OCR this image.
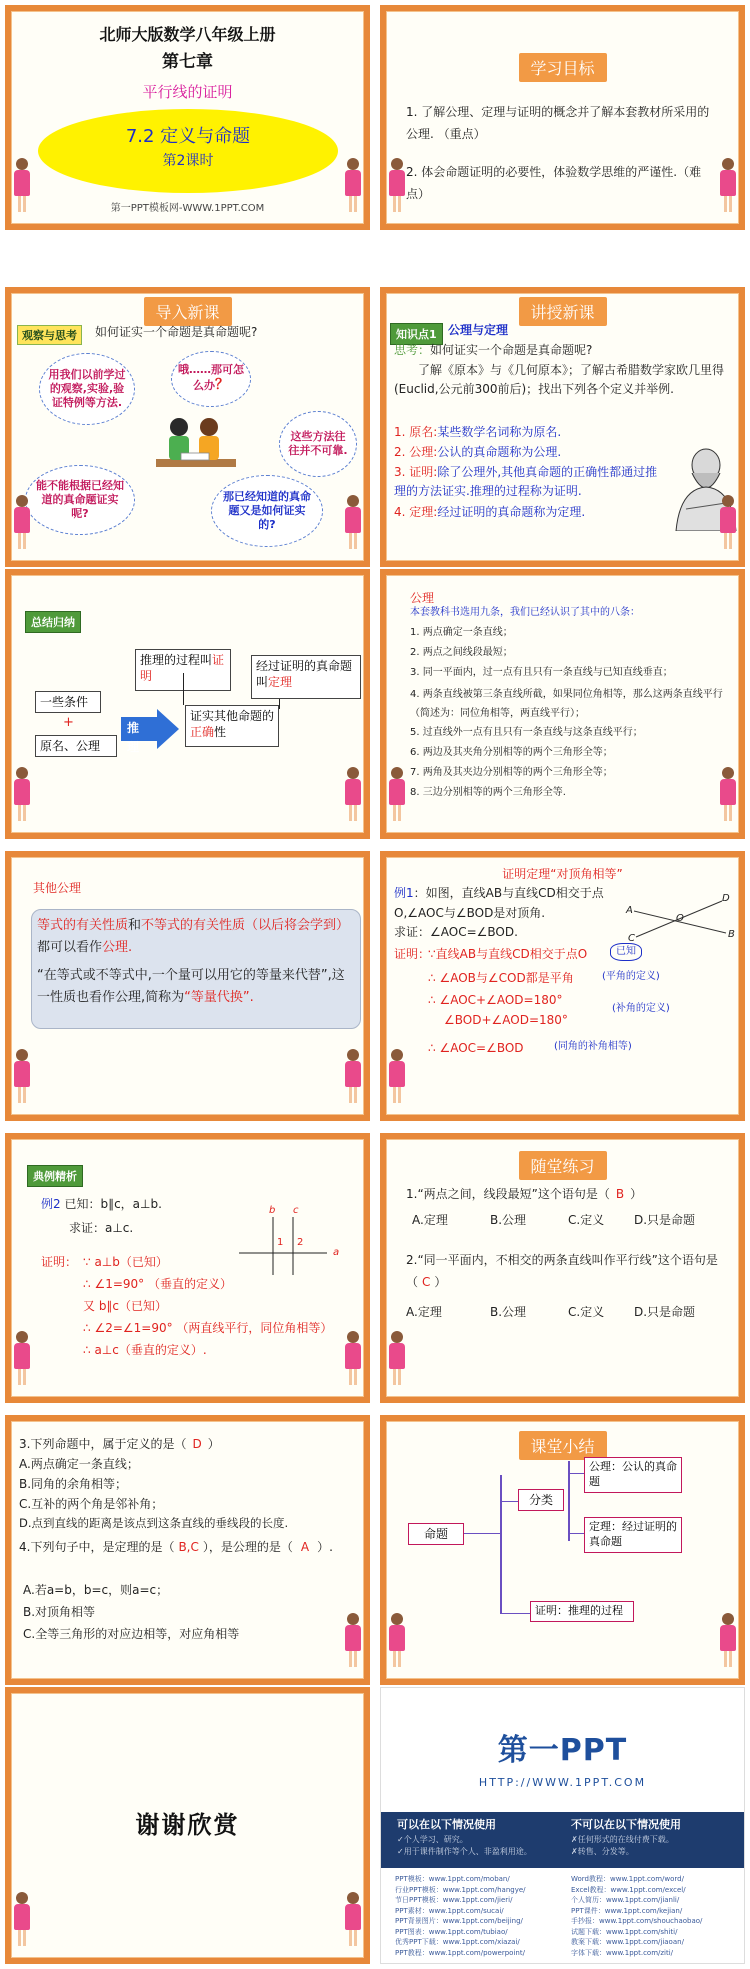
北师大版数学八年级上册
第七章
平行线的证明
7.2 定义与命题
第2课时
第一PPT模板网-WWW.1PPT.COM
学习目标
1. 了解公理、定理与证明的概念并了解本套教材所采用的公理. （重点）
2. 体会命题证明的必要性，体验数学思维的严谨性.（难点）
导入新课
观察与思考	如何证实一个命题是真命题呢?
用我们以前学过的观察,实验,验证特例等方法.
哦……那可怎么办？
这些方法往往并不可靠.
能不能根据已经知道的真命题证实呢?
那已经知道的真命题又是如何证实的?
讲授新课
知识点1 公理与定理
思考：如何证实一个命题是真命题呢?
了解《原本》与《几何原本》；了解古希腊数学家欧几里得(Euclid,公元前300前后)；找出下列各个定义并举例.
1. 原名:某些数学名词称为原名.
2. 公理:公认的真命题称为公理.
3. 证明:除了公理外,其他真命题的正确性都通过推理的方法证实.推理的过程称为证明.
4. 定理:经过证明的真命题称为定理.
总结归纳
推理的过程叫证明
经过证明的真命题叫定理
一些条件
+
原名、公理
推理
证实其他命题的正确性
公理
本套教科书选用九条，我们已经认识了其中的八条：
1. 两点确定一条直线；
2. 两点之间线段最短；
3. 同一平面内，过一点有且只有一条直线与已知直线垂直；
4. 两条直线被第三条直线所截，如果同位角相等，那么这两条直线平行（简述为：同位角相等，两直线平行）；
5. 过直线外一点有且只有一条直线与这条直线平行；
6. 两边及其夹角分别相等的两个三角形全等；
7. 两角及其夹边分别相等的两个三角形全等；
8. 三边分别相等的两个三角形全等.
其他公理
等式的有关性质和不等式的有关性质（以后将会学到）都可以看作公理.
“在等式或不等式中,一个量可以用它的等量来代替”,这一性质也看作公理,简称为“等量代换”.
证明定理“对顶角相等”
例1：如图，直线AB与直线CD相交于点O,∠AOC与∠BOD是对顶角.
求证：∠AOC=∠BOD.
A
B
C
D
O
证明：
∵直线AB与直线CD相交于点O	已知
∴ ∠AOB与∠COD都是平角	(平角的定义)
∴ ∠AOC+∠AOD=180°
∠BOD+∠AOD=180°
(补角的定义)
∴ ∠AOC=∠BOD	(同角的补角相等)
典例精析
例2 已知：b∥c，a⊥b.
求证：a⊥c.
b c
a
1 2
证明： ∵ a⊥b（已知）
∴ ∠1=90° （垂直的定义）
又 b∥c（已知）
∴ ∠2=∠1=90° （两直线平行，同位角相等）
∴ a⊥c（垂直的定义）.
随堂练习
1.“两点之间，线段最短”这个语句是（ B ）
A.定理	B.公理	C.定义 D.只是命题
2.“同一平面内，不相交的两条直线叫作平行线”这个语句是（ C ）
A.定理	B.公理	C.定义 D.只是命题
3.下列命题中，属于定义的是（ D ）
A.两点确定一条直线；
B.同角的余角相等；
C.互补的两个角是邻补角；
D.点到直线的距离是该点到这条直线的垂线段的长度.
4.下列句子中，是定理的是（ B,C ），是公理的是（ A ）.
A.若a=b，b=c，则a=c；
B.对顶角相等
C.全等三角形的对应边相等，对应角相等
课堂小结
命题
分类
公理：公认的真命题
定理：经过证明的真命题
证明：推理的过程
谢谢欣赏
第一PPT
HTTP://WWW.1PPT.COM
可以在以下情况使用
✓个人学习、研究。
✓用于课件制作等个人、非盈利用途。
不可以在以下情况使用
✗任何形式的在线付费下载。
✗转售、分发等。
PPT模板：www.1ppt.com/moban/
行业PPT模板：www.1ppt.com/hangye/
节日PPT模板：www.1ppt.com/jieri/
PPT素材：www.1ppt.com/sucai/
PPT背景图片：www.1ppt.com/beijing/
PPT图表：www.1ppt.com/tubiao/
优秀PPT下载：www.1ppt.com/xiazai/
PPT教程：www.1ppt.com/powerpoint/
Word教程：www.1ppt.com/word/
Excel教程：www.1ppt.com/excel/
个人简历：www.1ppt.com/jianli/
PPT课件：www.1ppt.com/kejian/
手抄报：www.1ppt.com/shouchaobao/
试题下载：www.1ppt.com/shiti/
教案下载：www.1ppt.com/jiaoan/
字体下载：www.1ppt.com/ziti/
